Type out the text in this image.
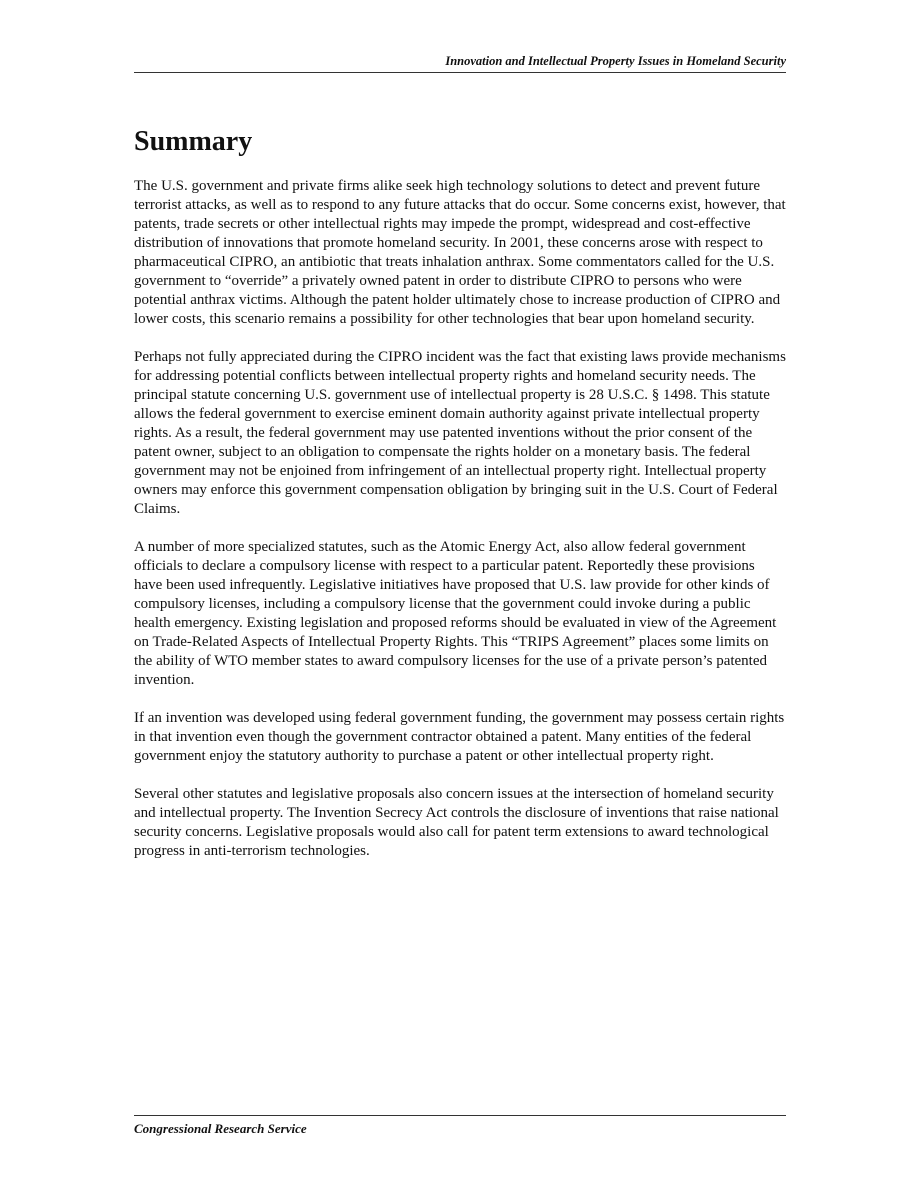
Innovation and Intellectual Property Issues in Homeland Security
Summary

The U.S. government and private firms alike seek high technology solutions to detect and prevent future terrorist attacks, as well as to respond to any future attacks that do occur. Some concerns exist, however, that patents, trade secrets or other intellectual rights may impede the prompt, widespread and cost-effective distribution of innovations that promote homeland security. In 2001, these concerns arose with respect to pharmaceutical CIPRO, an antibiotic that treats inhalation anthrax. Some commentators called for the U.S. government to “override” a privately owned patent in order to distribute CIPRO to persons who were potential anthrax victims. Although the patent holder ultimately chose to increase production of CIPRO and lower costs, this scenario remains a possibility for other technologies that bear upon homeland security.

Perhaps not fully appreciated during the CIPRO incident was the fact that existing laws provide mechanisms for addressing potential conflicts between intellectual property rights and homeland security needs. The principal statute concerning U.S. government use of intellectual property is 28 U.S.C. § 1498. This statute allows the federal government to exercise eminent domain authority against private intellectual property rights. As a result, the federal government may use patented inventions without the prior consent of the patent owner, subject to an obligation to compensate the rights holder on a monetary basis. The federal government may not be enjoined from infringement of an intellectual property right. Intellectual property owners may enforce this government compensation obligation by bringing suit in the U.S. Court of Federal Claims.

A number of more specialized statutes, such as the Atomic Energy Act, also allow federal government officials to declare a compulsory license with respect to a particular patent. Reportedly these provisions have been used infrequently. Legislative initiatives have proposed that U.S. law provide for other kinds of compulsory licenses, including a compulsory license that the government could invoke during a public health emergency. Existing legislation and proposed reforms should be evaluated in view of the Agreement on Trade-Related Aspects of Intellectual Property Rights. This “TRIPS Agreement” places some limits on the ability of WTO member states to award compulsory licenses for the use of a private person’s patented invention.

If an invention was developed using federal government funding, the government may possess certain rights in that invention even though the government contractor obtained a patent. Many entities of the federal government enjoy the statutory authority to purchase a patent or other intellectual property right.

Several other statutes and legislative proposals also concern issues at the intersection of homeland security and intellectual property. The Invention Secrecy Act controls the disclosure of inventions that raise national security concerns. Legislative proposals would also call for patent term extensions to award technological progress in anti-terrorism technologies.

Congressional Research Service
